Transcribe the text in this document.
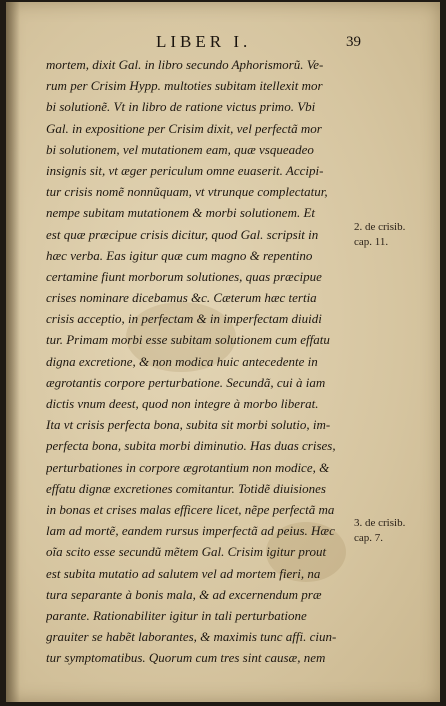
LIBER I.	39
mortem, dixit Gal. in libro secundo Aphorismorũ. Ve-
rum per Crisim Hypp. multoties subitam itellexit mor
bi solutionẽ. Vt in libro de ratione victus primo. Vbi
Gal. in expositione per Crisim dixit, vel perfectã mor
bi solutionem, vel mutationem eam, quæ vsqueadeo
insignis sit, vt æger periculum omne euaserit. Accipi-
tur crisis nomẽ nonnũquam, vt vtrunque complectatur,
nempe subitam mutationem & morbi solutionem. Et
est quæ præcipue crisis dicitur, quod Gal. scripsit in
hæc verba. Eas igitur quæ cum magno & repentino
certamine fiunt morborum solutiones, quas præcipue
crises nominare dicebamus &c. Cæterum hæc tertia
crisis acceptio, in perfectam & in imperfectam diuidi
tur. Primam morbi esse subitam solutionem cum effatu
digna excretione, & non modica huic antecedente in
ægrotantis corpore perturbatione. Secundã, cui à iam
dictis vnum deest, quod non integre à morbo liberat.
Ita vt crisis perfecta bona, subita sit morbi solutio, im-
perfecta bona, subita morbi diminutio. Has duas crises,
perturbationes in corpore ægrotantium non modice, &
effatu dignæ excretiones comitantur. Totidẽ diuisiones
in bonas et crises malas efficere licet, nẽpe perfectã ma
lam ad mortẽ, eandem rursus imperfectã ad peius. Hæc
oĩa scito esse secundũ mẽtem Gal. Crisim igitur prout
est subita mutatio ad salutem vel ad mortem fieri, na
tura separante à bonis mala, & ad excernendum præ
parante. Rationabiliter igitur in tali perturbatione
grauiter se habẽt laborantes, & maximis tunc affi. ciun-
tur symptomatibus. Quorum cum tres sint causæ, nem
2. de crisib.
cap. 11.
3. de crisib.
cap. 7.
